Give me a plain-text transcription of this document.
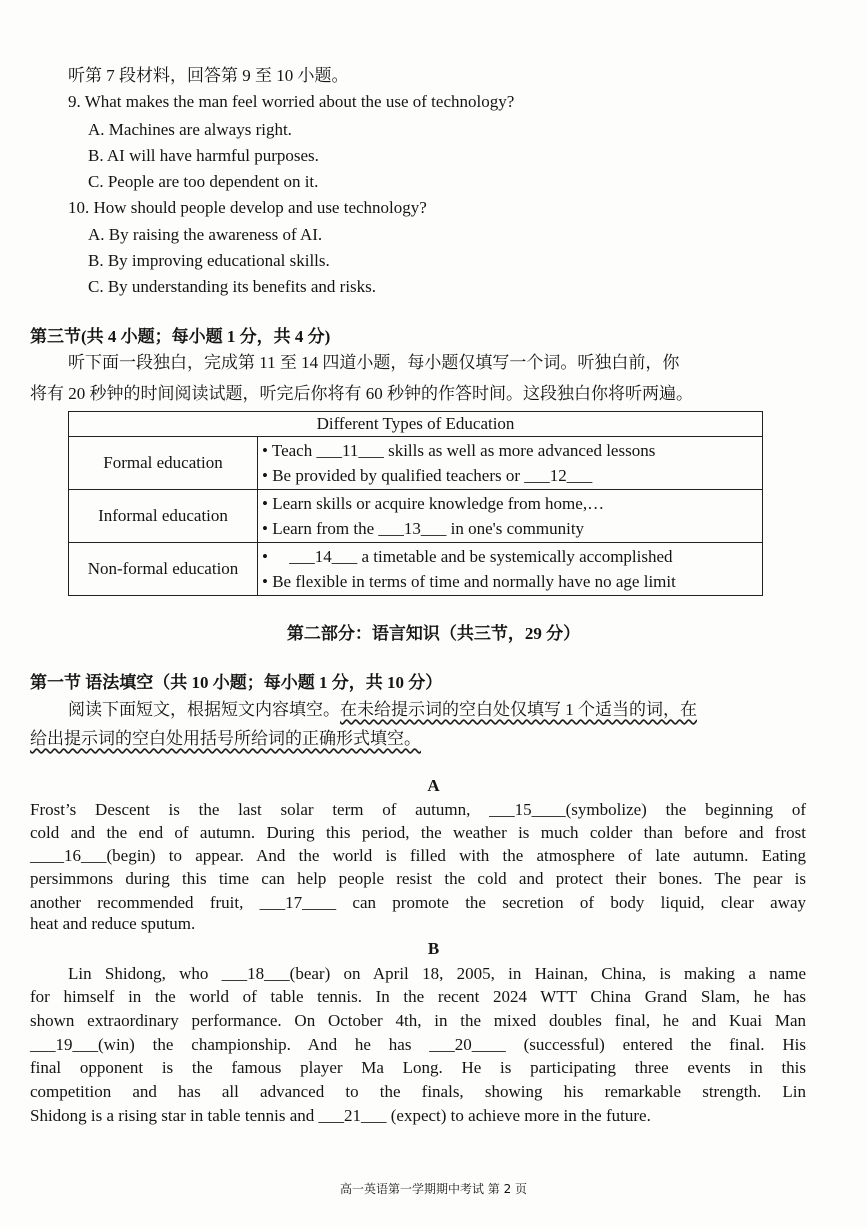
听第 7 段材料，回答第 9 至 10 小题。
9. What makes the man feel worried about the use of technology?
A. Machines are always right.
B. AI will have harmful purposes.
C. People are too dependent on it.
10. How should people develop and use technology?
A. By raising the awareness of AI.
B. By improving educational skills.
C. By understanding its benefits and risks.
第三节(共 4 小题；每小题 1 分，共 4 分)
听下面一段独白，完成第 11 至 14 四道小题，每小题仅填写一个词。听独白前，你
将有 20 秒钟的时间阅读试题，听完后你将有 60 秒钟的作答时间。这段独白你将听两遍。
Different Types of Education	
Formal education	• Teach ___11___ skills as well as more advanced lessons
• Be provided by qualified teachers or ___12___

Informal education	• Learn skills or acquire knowledge from home,…
• Learn from the ___13___ in one's community

Non-formal education	•     ___14___ a timetable and be systemically accomplished
• Be flexible in terms of time and normally have no age limit
第二部分：语言知识（共三节，29 分）
第一节 语法填空（共 10 小题；每小题 1 分，共 10 分）
阅读下面短文，根据短文内容填空。在未给提示词的空白处仅填写 1 个适当的词，在
给出提示词的空白处用括号所给词的正确形式填空。
A
Frost’s Descent is the last solar term of autumn, ___15____(symbolize) the beginning of
cold and the end of autumn. During this period, the weather is much colder than before and frost
____16___(begin) to appear. And the world is filled with the atmosphere of late autumn. Eating
persimmons during this time can help people resist the cold and protect their bones. The pear is
another recommended fruit, ___17____ can promote the secretion of body liquid, clear away
heat and reduce sputum.
B
Lin Shidong, who ___18___(bear) on April 18, 2005, in Hainan, China, is making a name
for himself in the world of table tennis. In the recent 2024 WTT China Grand Slam, he has
shown extraordinary performance. On October 4th, in the mixed doubles final, he and Kuai Man
___19___(win) the championship. And he has ___20____ (successful) entered the final. His
final opponent is the famous player Ma Long. He is participating three events in this
competition and has all advanced to the finals, showing his remarkable strength. Lin
Shidong is a rising star in table tennis and ___21___ (expect) to achieve more in the future.
高一英语第一学期期中考试 第 2 页
